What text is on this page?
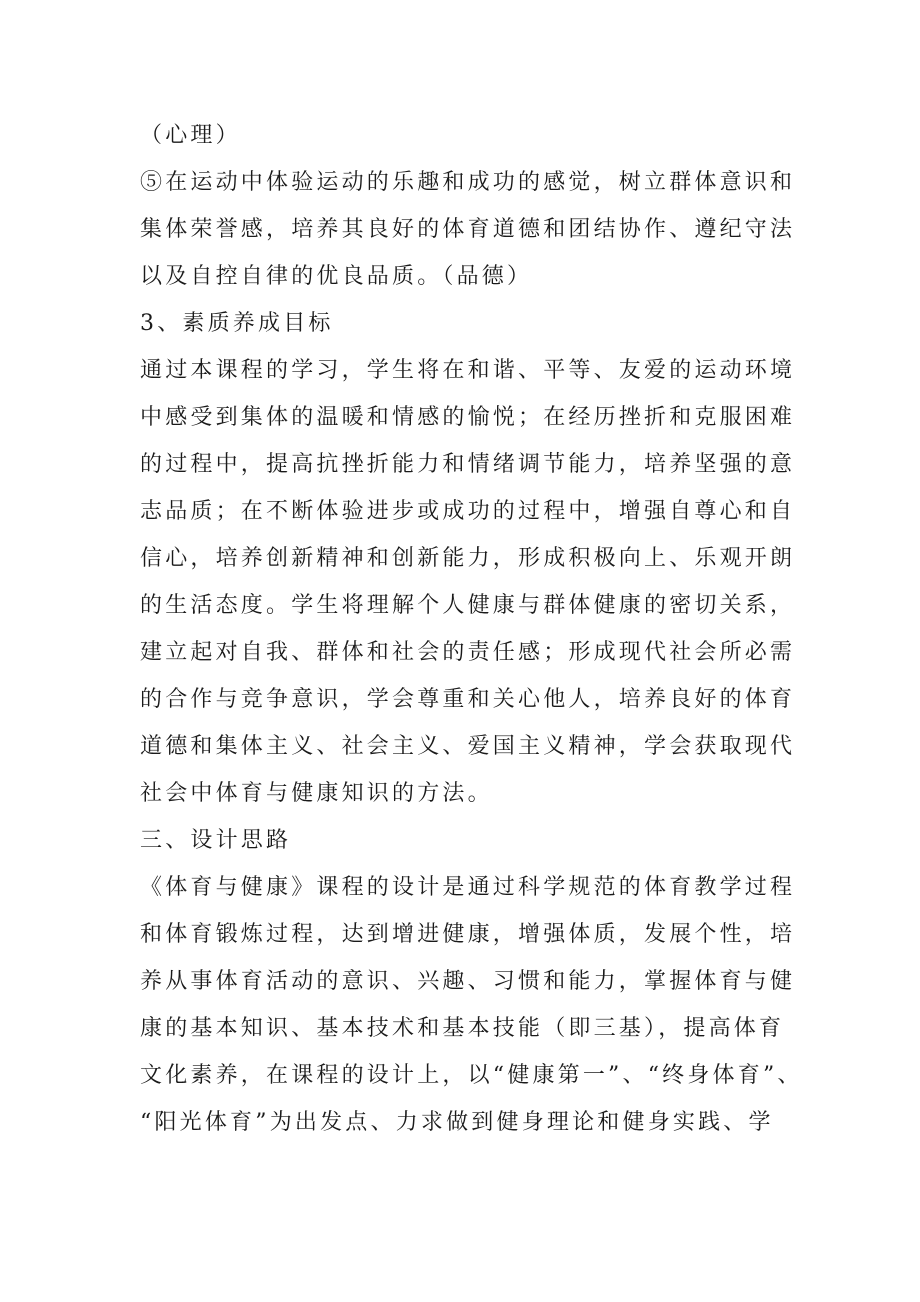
（心理）
⑤在运动中体验运动的乐趣和成功的感觉，树立群体意识和
集体荣誉感，培养其良好的体育道德和团结协作、遵纪守法
以及自控自律的优良品质。（品德）
3、素质养成目标
通过本课程的学习，学生将在和谐、平等、友爱的运动环境
中感受到集体的温暖和情感的愉悦；在经历挫折和克服困难
的过程中，提高抗挫折能力和情绪调节能力，培养坚强的意
志品质；在不断体验进步或成功的过程中，增强自尊心和自
信心，培养创新精神和创新能力，形成积极向上、乐观开朗
的生活态度。学生将理解个人健康与群体健康的密切关系，
建立起对自我、群体和社会的责任感；形成现代社会所必需
的合作与竞争意识，学会尊重和关心他人，培养良好的体育
道德和集体主义、社会主义、爱国主义精神，学会获取现代
社会中体育与健康知识的方法。
三、设计思路
《体育与健康》课程的设计是通过科学规范的体育教学过程
和体育锻炼过程，达到增进健康，增强体质，发展个性，培
养从事体育活动的意识、兴趣、习惯和能力，掌握体育与健
康的基本知识、基本技术和基本技能（即三基），提高体育
文化素养，在课程的设计上，以“健康第一”、“终身体育”、
“阳光体育”为出发点、力求做到健身理论和健身实践、学
